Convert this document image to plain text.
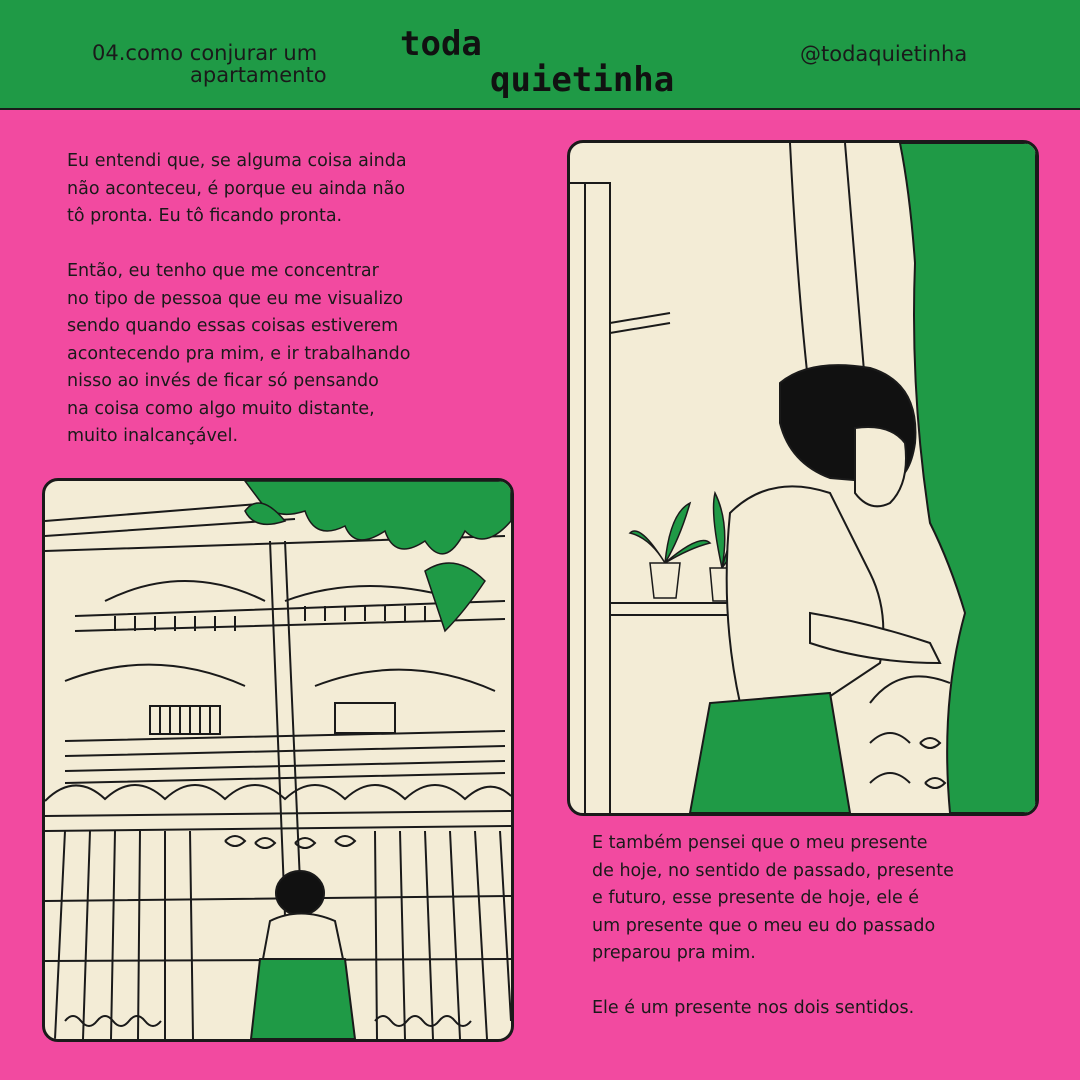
04.como conjurar um
apartamento
toda
quietinha
@todaquietinha
Eu entendi que, se alguma coisa ainda
não aconteceu, é porque eu ainda não
tô pronta. Eu tô ficando pronta.

Então, eu tenho que me concentrar
no tipo de pessoa que eu me visualizo
sendo quando essas coisas estiverem
acontecendo pra mim, e ir trabalhando
nisso ao invés de ficar só pensando
na coisa como algo muito distante,
muito inalcançável.
E também pensei que o meu presente
de hoje, no sentido de passado, presente
e futuro, esse presente de hoje, ele é
um presente que o meu eu do passado
preparou pra mim.

Ele é um presente nos dois sentidos.
